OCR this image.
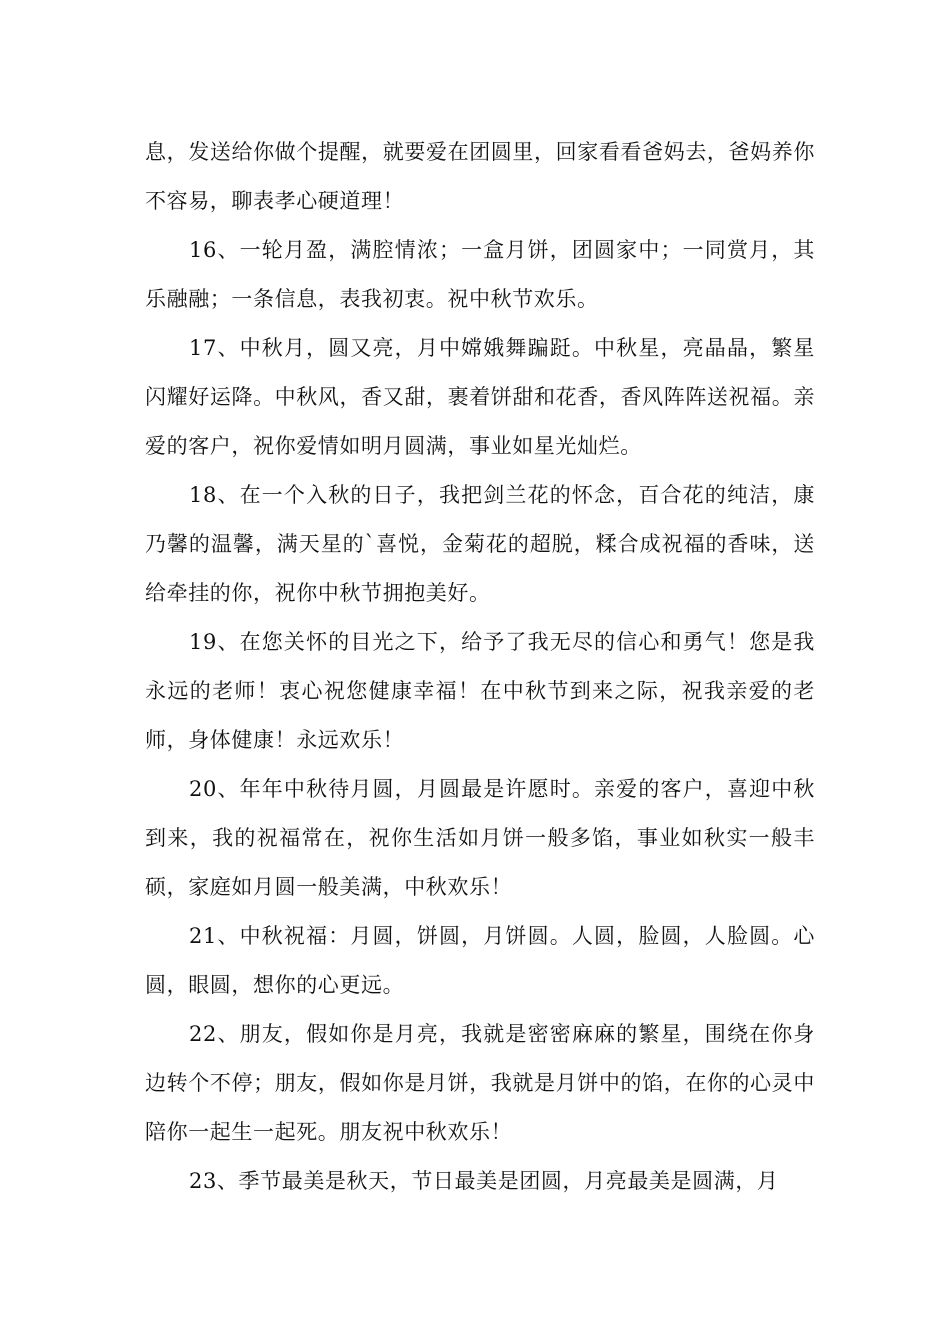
息，发送给你做个提醒，就要爱在团圆里，回家看看爸妈去，爸妈养你不容易，聊表孝心硬道理！

16、一轮月盈，满腔情浓；一盒月饼，团圆家中；一同赏月，其乐融融；一条信息，表我初衷。祝中秋节欢乐。

17、中秋月，圆又亮，月中嫦娥舞蹁跹。中秋星，亮晶晶，繁星闪耀好运降。中秋风，香又甜，裹着饼甜和花香，香风阵阵送祝福。亲爱的客户，祝你爱情如明月圆满，事业如星光灿烂。

18、在一个入秋的日子，我把剑兰花的怀念，百合花的纯洁，康乃馨的温馨，满天星的`喜悦，金菊花的超脱，糅合成祝福的香味，送给牵挂的你，祝你中秋节拥抱美好。

19、在您关怀的目光之下，给予了我无尽的信心和勇气！您是我永远的老师！衷心祝您健康幸福！在中秋节到来之际，祝我亲爱的老师，身体健康！永远欢乐！

20、年年中秋待月圆，月圆最是许愿时。亲爱的客户，喜迎中秋到来，我的祝福常在，祝你生活如月饼一般多馅，事业如秋实一般丰硕，家庭如月圆一般美满，中秋欢乐！

21、中秋祝福：月圆，饼圆，月饼圆。人圆，脸圆，人脸圆。心圆，眼圆，想你的心更远。

22、朋友，假如你是月亮，我就是密密麻麻的繁星，围绕在你身边转个不停；朋友，假如你是月饼，我就是月饼中的馅，在你的心灵中陪你一起生一起死。朋友祝中秋欢乐！

23、季节最美是秋天，节日最美是团圆，月亮最美是圆满，月
